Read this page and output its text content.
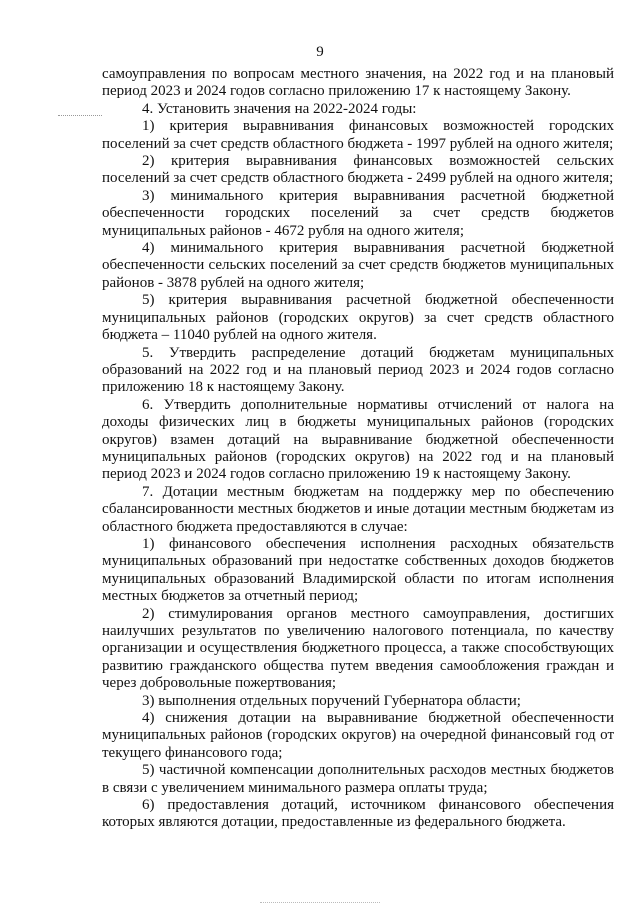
9

самоуправления по вопросам местного значения, на 2022 год и на плановый период 2023 и 2024 годов согласно приложению 17 к настоящему Закону.

4. Установить значения на 2022-2024 годы:

1) критерия выравнивания финансовых возможностей городских поселений за счет средств областного бюджета - 1997 рублей на одного жителя;

2) критерия выравнивания финансовых возможностей сельских поселений за счет средств областного бюджета - 2499 рублей на одного жителя;

3) минимального критерия выравнивания расчетной бюджетной обеспеченности городских поселений за счет средств бюджетов муниципальных районов - 4672 рубля на одного жителя;

4) минимального критерия выравнивания расчетной бюджетной обеспеченности сельских поселений за счет средств бюджетов муниципальных районов - 3878 рублей на одного жителя;

5) критерия выравнивания расчетной бюджетной обеспеченности муниципальных районов (городских округов) за счет средств областного бюджета – 11040 рублей на одного жителя.

5. Утвердить распределение дотаций бюджетам муниципальных образований на 2022 год и на плановый период 2023 и 2024 годов согласно приложению 18 к настоящему Закону.

6. Утвердить дополнительные нормативы отчислений от налога на доходы физических лиц в бюджеты муниципальных районов (городских округов) взамен дотаций на выравнивание бюджетной обеспеченности муниципальных районов (городских округов) на 2022 год и на плановый период 2023 и 2024 годов согласно приложению 19 к настоящему Закону.

7. Дотации местным бюджетам на поддержку мер по обеспечению сбалансированности местных бюджетов и иные дотации местным бюджетам из областного бюджета предоставляются в случае:

1) финансового обеспечения исполнения расходных обязательств муниципальных образований при недостатке собственных доходов бюджетов муниципальных образований Владимирской области по итогам исполнения местных бюджетов за отчетный период;

2) стимулирования органов местного самоуправления, достигших наилучших результатов по увеличению налогового потенциала, по качеству организации и осуществления бюджетного процесса, а также способствующих развитию гражданского общества путем введения самообложения граждан и через добровольные пожертвования;

3) выполнения отдельных поручений Губернатора области;

4) снижения дотации на выравнивание бюджетной обеспеченности муниципальных районов (городских округов) на очередной финансовый год от текущего финансового года;

5) частичной компенсации дополнительных расходов местных бюджетов в связи с увеличением минимального размера оплаты труда;

6) предоставления дотаций, источником финансового обеспечения которых являются дотации, предоставленные из федерального бюджета.
